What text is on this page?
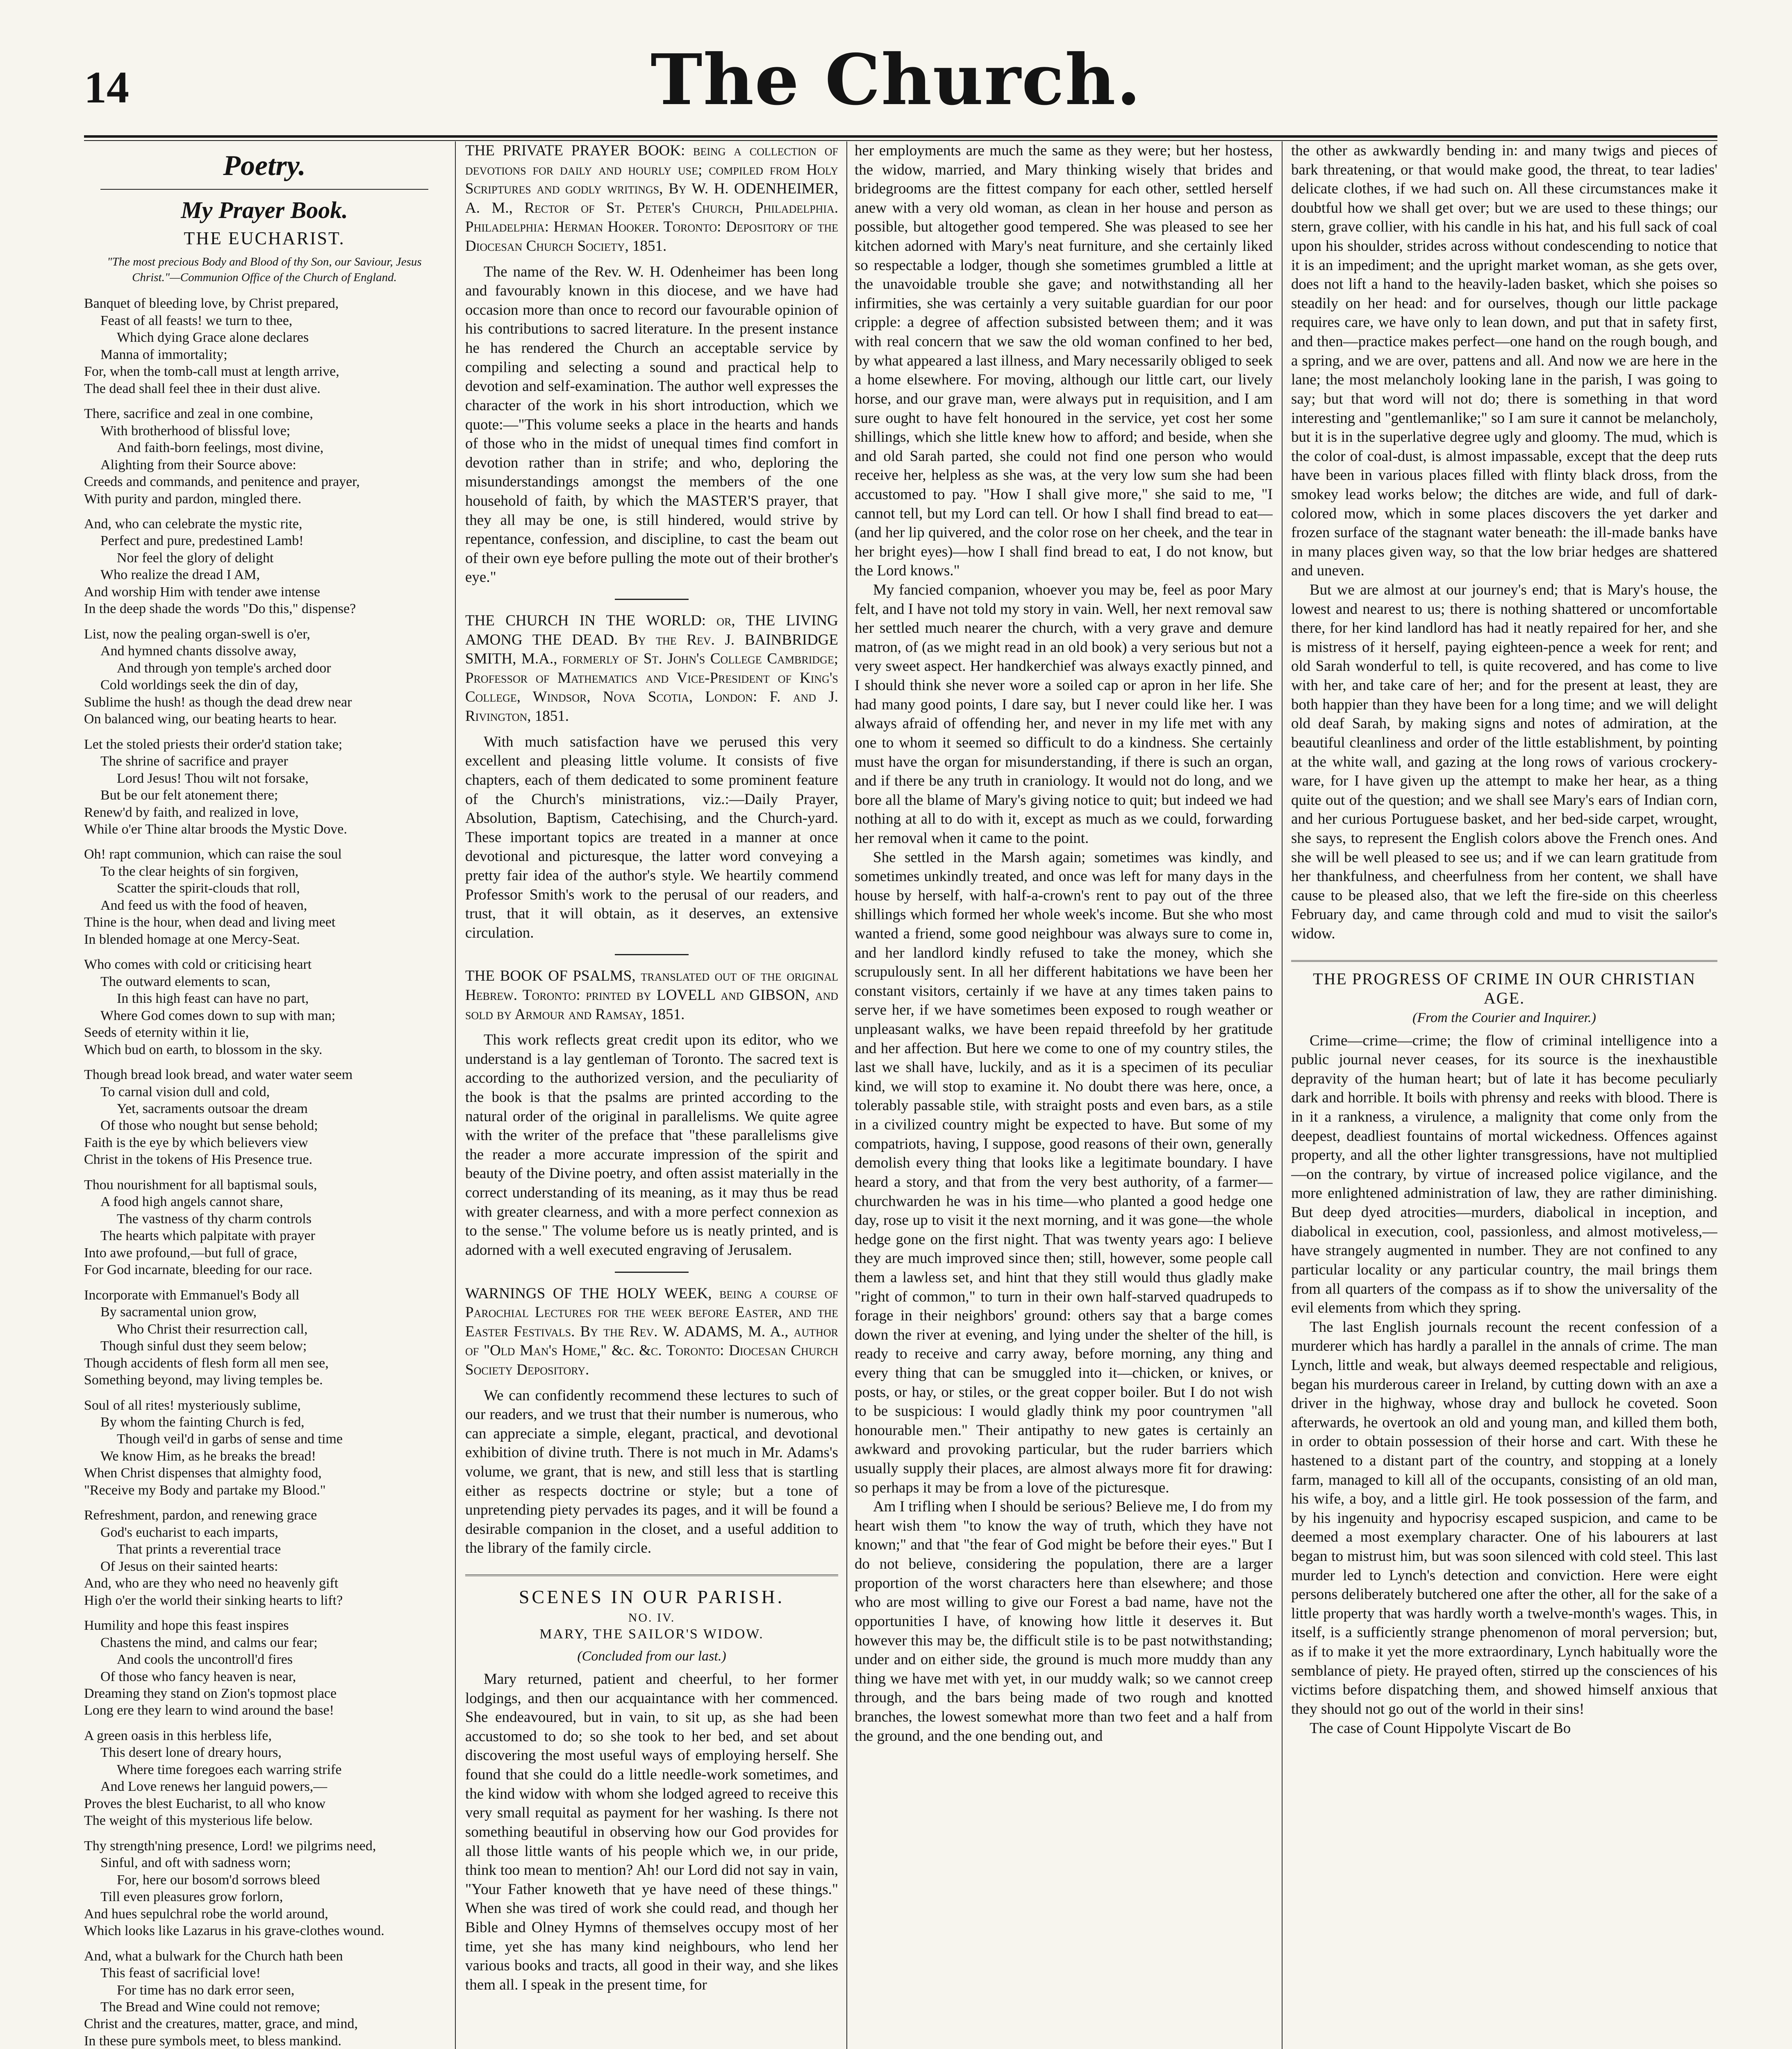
14	The Church.
Poetry.
My Prayer Book.
THE EUCHARIST.
"The most precious Body and Blood of thy Son, our Saviour, Jesus Christ."—Communion Office of the Church of England.
Banquet of bleeding love, by Christ prepared,
Feast of all feasts! we turn to thee,
Which dying Grace alone declares
Manna of immortality;
For, when the tomb-call must at length arrive,
The dead shall feel thee in their dust alive.
There, sacrifice and zeal in one combine,
With brotherhood of blissful love;
And faith-born feelings, most divine,
Alighting from their Source above:
Creeds and commands, and penitence and prayer,
With purity and pardon, mingled there.
And, who can celebrate the mystic rite,
Perfect and pure, predestined Lamb!
Nor feel the glory of delight
Who realize the dread I AM,
And worship Him with tender awe intense
In the deep shade the words "Do this," dispense?
List, now the pealing organ-swell is o'er,
And hymned chants dissolve away,
And through yon temple's arched door
Cold worldings seek the din of day,
Sublime the hush! as though the dead drew near
On balanced wing, our beating hearts to hear.
Let the stoled priests their order'd station take;
The shrine of sacrifice and prayer
Lord Jesus! Thou wilt not forsake,
But be our felt atonement there;
Renew'd by faith, and realized in love,
While o'er Thine altar broods the Mystic Dove.
Oh! rapt communion, which can raise the soul
To the clear heights of sin forgiven,
Scatter the spirit-clouds that roll,
And feed us with the food of heaven,
Thine is the hour, when dead and living meet
In blended homage at one Mercy-Seat.
Who comes with cold or criticising heart
The outward elements to scan,
In this high feast can have no part,
Where God comes down to sup with man;
Seeds of eternity within it lie,
Which bud on earth, to blossom in the sky.
Though bread look bread, and water water seem
To carnal vision dull and cold,
Yet, sacraments outsoar the dream
Of those who nought but sense behold;
Faith is the eye by which believers view
Christ in the tokens of His Presence true.
Thou nourishment for all baptismal souls,
A food high angels cannot share,
The vastness of thy charm controls
The hearts which palpitate with prayer
Into awe profound,—but full of grace,
For God incarnate, bleeding for our race.
Incorporate with Emmanuel's Body all
By sacramental union grow,
Who Christ their resurrection call,
Though sinful dust they seem below;
Though accidents of flesh form all men see,
Something beyond, may living temples be.
Soul of all rites! mysteriously sublime,
By whom the fainting Church is fed,
Though veil'd in garbs of sense and time
We know Him, as he breaks the bread!
When Christ dispenses that almighty food,
"Receive my Body and partake my Blood."
Refreshment, pardon, and renewing grace
God's eucharist to each imparts,
That prints a reverential trace
Of Jesus on their sainted hearts:
And, who are they who need no heavenly gift
High o'er the world their sinking hearts to lift?
Humility and hope this feast inspires
Chastens the mind, and calms our fear;
And cools the uncontroll'd fires
Of those who fancy heaven is near,
Dreaming they stand on Zion's topmost place
Long ere they learn to wind around the base!
A green oasis in this herbless life,
This desert lone of dreary hours,
Where time foregoes each warring strife
And Love renews her languid powers,—
Proves the blest Eucharist, to all who know
The weight of this mysterious life below.
Thy strength'ning presence, Lord! we pilgrims need,
Sinful, and oft with sadness worn;
For, here our bosom'd sorrows bleed
Till even pleasures grow forlorn,
And hues sepulchral robe the world around,
Which looks like Lazarus in his grave-clothes wound.
And, what a bulwark for the Church hath been
This feast of sacrificial love!
For time has no dark error seen,
The Bread and Wine could not remove;
Christ and the creatures, matter, grace, and mind,
In these pure symbols meet, to bless mankind.
THE PRIVATE PRAYER BOOK: being a collection of devotions for daily and hourly use; compiled from Holy Scriptures and godly writings, By W. H. ODENHEIMER, A. M., Rector of St. Peter's Church, Philadelphia. Philadelphia: Herman Hooker. Toronto: Depository of the Diocesan Church Society, 1851.
The name of the Rev. W. H. Odenheimer has been long and favourably known in this diocese, and we have had occasion more than once to record our favourable opinion of his contributions to sacred literature. In the present instance he has rendered the Church an acceptable service by compiling and selecting a sound and practical help to devotion and self-examination. The author well expresses the character of the work in his short introduction, which we quote:—"This volume seeks a place in the hearts and hands of those who in the midst of unequal times find comfort in devotion rather than in strife; and who, deploring the misunderstandings amongst the members of the one household of faith, by which the MASTER'S prayer, that they all may be one, is still hindered, would strive by repentance, confession, and discipline, to cast the beam out of their own eye before pulling the mote out of their brother's eye."
THE CHURCH IN THE WORLD: or, THE LIVING AMONG THE DEAD. By the Rev. J. BAINBRIDGE SMITH, M.A., formerly of St. John's College Cambridge; Professor of Mathematics and Vice-President of King's College, Windsor, Nova Scotia, London: F. and J. Rivington, 1851.
With much satisfaction have we perused this very excellent and pleasing little volume. It consists of five chapters, each of them dedicated to some prominent feature of the Church's ministrations, viz.:—Daily Prayer, Absolution, Baptism, Catechising, and the Church-yard. These important topics are treated in a manner at once devotional and picturesque, the latter word conveying a pretty fair idea of the author's style. We heartily commend Professor Smith's work to the perusal of our readers, and trust, that it will obtain, as it deserves, an extensive circulation.
THE BOOK OF PSALMS, translated out of the original Hebrew. Toronto: printed by LOVELL and GIBSON, and sold by Armour and Ramsay, 1851.
This work reflects great credit upon its editor, who we understand is a lay gentleman of Toronto. The sacred text is according to the authorized version, and the peculiarity of the book is that the psalms are printed according to the natural order of the original in parallelisms. We quite agree with the writer of the preface that "these parallelisms give the reader a more accurate impression of the spirit and beauty of the Divine poetry, and often assist materially in the correct understanding of its meaning, as it may thus be read with greater clearness, and with a more perfect connexion as to the sense." The volume before us is neatly printed, and is adorned with a well executed engraving of Jerusalem.
WARNINGS OF THE HOLY WEEK, being a course of Parochial Lectures for the week before Easter, and the Easter Festivals. By the Rev. W. ADAMS, M. A., author of "Old Man's Home," &c. &c. Toronto: Diocesan Church Society Depository.
We can confidently recommend these lectures to such of our readers, and we trust that their number is numerous, who can appreciate a simple, elegant, practical, and devotional exhibition of divine truth. There is not much in Mr. Adams's volume, we grant, that is new, and still less that is startling either as respects doctrine or style; but a tone of unpretending piety pervades its pages, and it will be found a desirable companion in the closet, and a useful addition to the library of the family circle.
SCENES IN OUR PARISH.
NO. IV.
MARY, THE SAILOR'S WIDOW.
(Concluded from our last.)
Mary returned, patient and cheerful, to her former lodgings, and then our acquaintance with her commenced. She endeavoured, but in vain, to sit up, as she had been accustomed to do; so she took to her bed, and set about discovering the most useful ways of employing herself. She found that she could do a little needle-work sometimes, and the kind widow with whom she lodged agreed to receive this very small requital as payment for her washing. Is there not something beautiful in observing how our God provides for all those little wants of his people which we, in our pride, think too mean to mention? Ah! our Lord did not say in vain, "Your Father knoweth that ye have need of these things." When she was tired of work she could read, and though her Bible and Olney Hymns of themselves occupy most of her time, yet she has many kind neighbours, who lend her various books and tracts, all good in their way, and she likes them all. I speak in the present time, for
her employments are much the same as they were; but her hostess, the widow, married, and Mary thinking wisely that brides and bridegrooms are the fittest company for each other, settled herself anew with a very old woman, as clean in her house and person as possible, but altogether good tempered. She was pleased to see her kitchen adorned with Mary's neat furniture, and she certainly liked so respectable a lodger, though she sometimes grumbled a little at the unavoidable trouble she gave; and notwithstanding all her infirmities, she was certainly a very suitable guardian for our poor cripple: a degree of affection subsisted between them; and it was with real concern that we saw the old woman confined to her bed, by what appeared a last illness, and Mary necessarily obliged to seek a home elsewhere. For moving, although our little cart, our lively horse, and our grave man, were always put in requisition, and I am sure ought to have felt honoured in the service, yet cost her some shillings, which she little knew how to afford; and beside, when she and old Sarah parted, she could not find one person who would receive her, helpless as she was, at the very low sum she had been accustomed to pay. "How I shall give more," she said to me, "I cannot tell, but my Lord can tell. Or how I shall find bread to eat—(and her lip quivered, and the color rose on her cheek, and the tear in her bright eyes)—how I shall find bread to eat, I do not know, but the Lord knows."
My fancied companion, whoever you may be, feel as poor Mary felt, and I have not told my story in vain. Well, her next removal saw her settled much nearer the church, with a very grave and demure matron, of (as we might read in an old book) a very serious but not a very sweet aspect. Her handkerchief was always exactly pinned, and I should think she never wore a soiled cap or apron in her life. She had many good points, I dare say, but I never could like her. I was always afraid of offending her, and never in my life met with any one to whom it seemed so difficult to do a kindness. She certainly must have the organ for misunderstanding, if there is such an organ, and if there be any truth in craniology. It would not do long, and we bore all the blame of Mary's giving notice to quit; but indeed we had nothing at all to do with it, except as much as we could, forwarding her removal when it came to the point.
She settled in the Marsh again; sometimes was kindly, and sometimes unkindly treated, and once was left for many days in the house by herself, with half-a-crown's rent to pay out of the three shillings which formed her whole week's income. But she who most wanted a friend, some good neighbour was always sure to come in, and her landlord kindly refused to take the money, which she scrupulously sent. In all her different habitations we have been her constant visitors, certainly if we have at any times taken pains to serve her, if we have sometimes been exposed to rough weather or unpleasant walks, we have been repaid threefold by her gratitude and her affection. But here we come to one of my country stiles, the last we shall have, luckily, and as it is a specimen of its peculiar kind, we will stop to examine it. No doubt there was here, once, a tolerably passable stile, with straight posts and even bars, as a stile in a civilized country might be expected to have. But some of my compatriots, having, I suppose, good reasons of their own, generally demolish every thing that looks like a legitimate boundary. I have heard a story, and that from the very best authority, of a farmer—churchwarden he was in his time—who planted a good hedge one day, rose up to visit it the next morning, and it was gone—the whole hedge gone on the first night. That was twenty years ago: I believe they are much improved since then; still, however, some people call them a lawless set, and hint that they still would thus gladly make "right of common," to turn in their own half-starved quadrupeds to forage in their neighbors' ground: others say that a barge comes down the river at evening, and lying under the shelter of the hill, is ready to receive and carry away, before morning, any thing and every thing that can be smuggled into it—chicken, or knives, or posts, or hay, or stiles, or the great copper boiler. But I do not wish to be suspicious: I would gladly think my poor countrymen "all honourable men." Their antipathy to new gates is certainly an awkward and provoking particular, but the ruder barriers which usually supply their places, are almost always more fit for drawing: so perhaps it may be from a love of the picturesque.
Am I trifling when I should be serious? Believe me, I do from my heart wish them "to know the way of truth, which they have not known;" and that "the fear of God might be before their eyes." But I do not believe, considering the population, there are a larger proportion of the worst characters here than elsewhere; and those who are most willing to give our Forest a bad name, have not the opportunities I have, of knowing how little it deserves it. But however this may be, the difficult stile is to be past notwithstanding; under and on either side, the ground is much more muddy than any thing we have met with yet, in our muddy walk; so we cannot creep through, and the bars being made of two rough and knotted branches, the lowest somewhat more than two feet and a half from the ground, and the one bending out, and
the other as awkwardly bending in: and many twigs and pieces of bark threatening, or that would make good, the threat, to tear ladies' delicate clothes, if we had such on. All these circumstances make it doubtful how we shall get over; but we are used to these things; our stern, grave collier, with his candle in his hat, and his full sack of coal upon his shoulder, strides across without condescending to notice that it is an impediment; and the upright market woman, as she gets over, does not lift a hand to the heavily-laden basket, which she poises so steadily on her head: and for ourselves, though our little package requires care, we have only to lean down, and put that in safety first, and then—practice makes perfect—one hand on the rough bough, and a spring, and we are over, pattens and all. And now we are here in the lane; the most melancholy looking lane in the parish, I was going to say; but that word will not do; there is something in that word interesting and "gentlemanlike;" so I am sure it cannot be melancholy, but it is in the superlative degree ugly and gloomy. The mud, which is the color of coal-dust, is almost impassable, except that the deep ruts have been in various places filled with flinty black dross, from the smokey lead works below; the ditches are wide, and full of dark-colored mow, which in some places discovers the yet darker and frozen surface of the stagnant water beneath: the ill-made banks have in many places given way, so that the low briar hedges are shattered and uneven.
But we are almost at our journey's end; that is Mary's house, the lowest and nearest to us; there is nothing shattered or uncomfortable there, for her kind landlord has had it neatly repaired for her, and she is mistress of it herself, paying eighteen-pence a week for rent; and old Sarah wonderful to tell, is quite recovered, and has come to live with her, and take care of her; and for the present at least, they are both happier than they have been for a long time; and we will delight old deaf Sarah, by making signs and notes of admiration, at the beautiful cleanliness and order of the little establishment, by pointing at the white wall, and gazing at the long rows of various crockery-ware, for I have given up the attempt to make her hear, as a thing quite out of the question; and we shall see Mary's ears of Indian corn, and her curious Portuguese basket, and her bed-side carpet, wrought, she says, to represent the English colors above the French ones. And she will be well pleased to see us; and if we can learn gratitude from her thankfulness, and cheerfulness from her content, we shall have cause to be pleased also, that we left the fire-side on this cheerless February day, and came through cold and mud to visit the sailor's widow.
THE PROGRESS OF CRIME IN OUR CHRISTIAN AGE.
(From the Courier and Inquirer.)
Crime—crime—crime; the flow of criminal intelligence into a public journal never ceases, for its source is the inexhaustible depravity of the human heart; but of late it has become peculiarly dark and horrible. It boils with phrensy and reeks with blood. There is in it a rankness, a virulence, a malignity that come only from the deepest, deadliest fountains of mortal wickedness. Offences against property, and all the other lighter transgressions, have not multiplied—on the contrary, by virtue of increased police vigilance, and the more enlightened administration of law, they are rather diminishing. But deep dyed atrocities—murders, diabolical in inception, and diabolical in execution, cool, passionless, and almost motiveless,—have strangely augmented in number. They are not confined to any particular locality or any particular country, the mail brings them from all quarters of the compass as if to show the universality of the evil elements from which they spring.
The last English journals recount the recent confession of a murderer which has hardly a parallel in the annals of crime. The man Lynch, little and weak, but always deemed respectable and religious, began his murderous career in Ireland, by cutting down with an axe a driver in the highway, whose dray and bullock he coveted. Soon afterwards, he overtook an old and young man, and killed them both, in order to obtain possession of their horse and cart. With these he hastened to a distant part of the country, and stopping at a lonely farm, managed to kill all of the occupants, consisting of an old man, his wife, a boy, and a little girl. He took possession of the farm, and by his ingenuity and hypocrisy escaped suspicion, and came to be deemed a most exemplary character. One of his labourers at last began to mistrust him, but was soon silenced with cold steel. This last murder led to Lynch's detection and conviction. Here were eight persons deliberately butchered one after the other, all for the sake of a little property that was hardly worth a twelve-month's wages. This, in itself, is a sufficiently strange phenomenon of moral perversion; but, as if to make it yet the more extraordinary, Lynch habitually wore the semblance of piety. He prayed often, stirred up the consciences of his victims before dispatching them, and showed himself anxious that they should not go out of the world in their sins!
The case of Count Hippolyte Viscart de Bo
